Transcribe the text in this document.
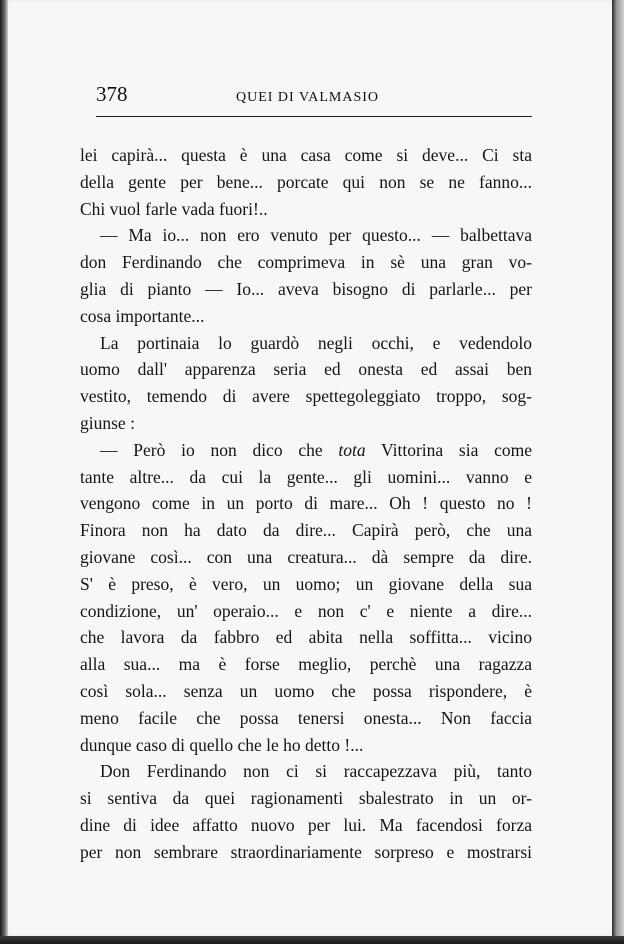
378	QUEI DI VALMASIO
lei capirà... questa è una casa come si deve... Ci sta
della gente per bene... porcate qui non se ne fanno...
Chi vuol farle vada fuori!..
— Ma io... non ero venuto per questo... — balbettava
don Ferdinando che comprimeva in sè una gran vo-
glia di pianto — Io... aveva bisogno di parlarle... per
cosa importante...
La portinaia lo guardò negli occhi, e vedendolo
uomo dall' apparenza seria ed onesta ed assai ben
vestito, temendo di avere spettegoleggiato troppo, sog-
giunse :
— Però io non dico che tota Vittorina sia come
tante altre... da cui la gente... gli uomini... vanno e
vengono come in un porto di mare... Oh ! questo no !
Finora non ha dato da dire... Capirà però, che una
giovane così... con una creatura... dà sempre da dire.
S' è preso, è vero, un uomo; un giovane della sua
condizione, un' operaio... e non c' e niente a dire...
che lavora da fabbro ed abita nella soffitta... vicino
alla sua... ma è forse meglio, perchè una ragazza
così sola... senza un uomo che possa rispondere, è
meno facile che possa tenersi onesta... Non faccia
dunque caso di quello che le ho detto !...
Don Ferdinando non ci si raccapezzava più, tanto
si sentiva da quei ragionamenti sbalestrato in un or-
dine di idee affatto nuovo per lui. Ma facendosi forza
per non sembrare straordinariamente sorpreso e mostrarsi
